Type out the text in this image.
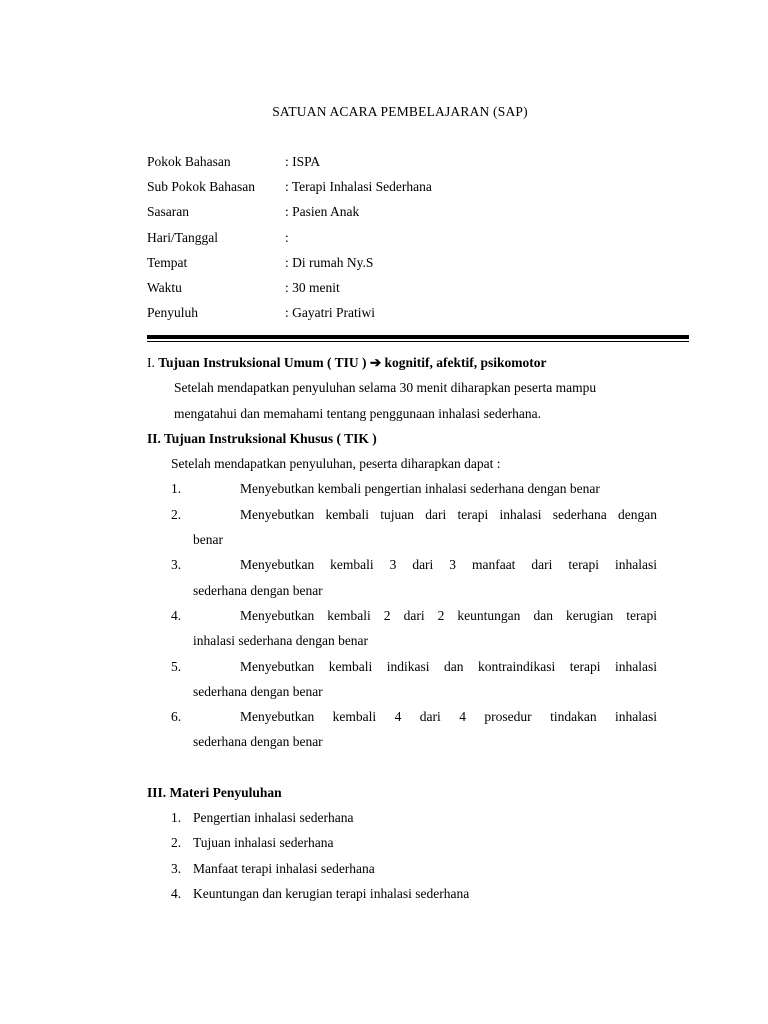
SATUAN ACARA PEMBELAJARAN (SAP)
Pokok Bahasan	: ISPA
Sub Pokok Bahasan	: Terapi Inhalasi Sederhana
Sasaran	: Pasien Anak
Hari/Tanggal	:
Tempat	: Di rumah Ny.S
Waktu	: 30 menit
Penyuluh	: Gayatri Pratiwi
I. Tujuan Instruksional Umum ( TIU ) ➔ kognitif, afektif, psikomotor
Setelah mendapatkan penyuluhan selama 30 menit diharapkan peserta mampu
mengatahui dan memahami tentang penggunaan inhalasi sederhana.
II. Tujuan Instruksional Khusus ( TIK )
Setelah mendapatkan penyuluhan, peserta diharapkan dapat :
1.	Menyebutkan kembali pengertian inhalasi sederhana dengan benar
2.	Menyebutkan kembali tujuan dari terapi inhalasi sederhana dengan
benar
3.	Menyebutkan kembali 3 dari 3 manfaat dari terapi inhalasi
sederhana dengan benar
4.	Menyebutkan kembali 2 dari 2 keuntungan dan kerugian terapi
inhalasi sederhana dengan benar
5.	Menyebutkan kembali indikasi dan kontraindikasi terapi inhalasi
sederhana dengan benar
6.	Menyebutkan kembali 4 dari 4 prosedur tindakan inhalasi
sederhana dengan benar
III. Materi Penyuluhan
1. Pengertian inhalasi sederhana
2. Tujuan inhalasi sederhana
3. Manfaat terapi inhalasi sederhana
4. Keuntungan dan kerugian terapi inhalasi sederhana
